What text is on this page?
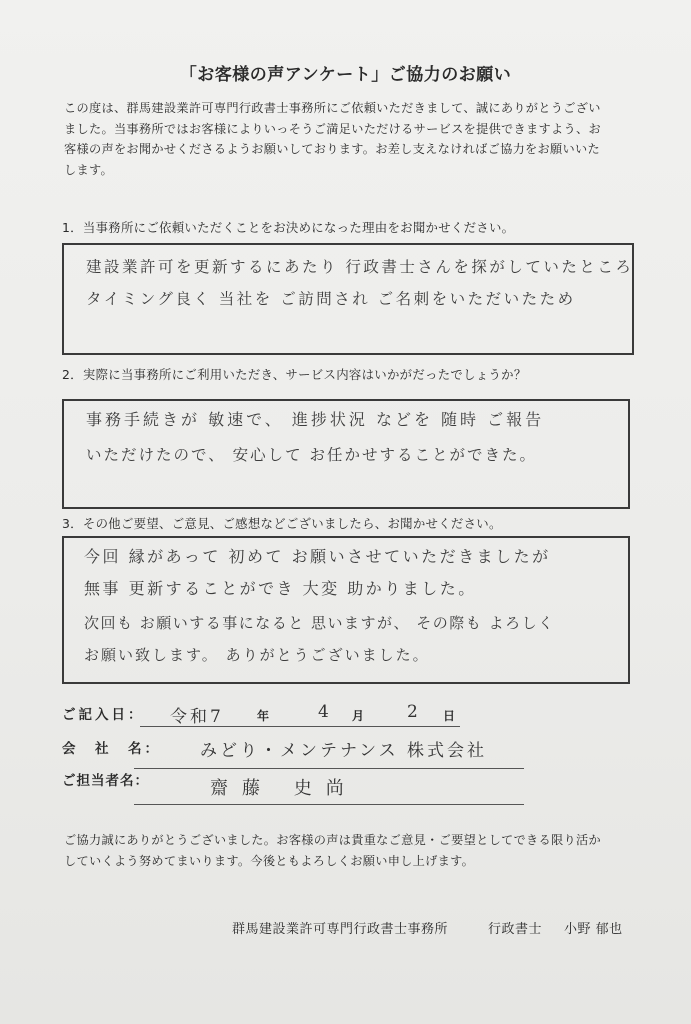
「お客様の声アンケート」ご協力のお願い
この度は、群馬建設業許可専門行政書士事務所にご依頼いただきまして、誠にありがとうござい
ました。当事務所ではお客様によりいっそうご満足いただけるサービスを提供できますよう、お
客様の声をお聞かせくださるようお願いしております。お差し支えなければご協力をお願いいた
します。
1．当事務所にご依頼いただくことをお決めになった理由をお聞かせください。
建設業許可を更新するにあたり 行政書士さんを探がしていたところ
タイミング良く 当社を ご訪問され ご名刺をいただいたため
2．実際に当事務所にご利用いただき、サービス内容はいかがだったでしょうか？
事務手続きが 敏速で、 進捗状況 などを 随時 ご報告
いただけたので、 安心して お任かせすることができた。
3．その他ご要望、ご意見、ご感想などございましたら、お聞かせください。
今回 縁があって 初めて お願いさせていただきましたが
無事 更新することができ 大変 助かりました。
次回も お願いする事になると 思いますが、 その際も よろしく
お願い致します。 ありがとうございました。
ご記入日： 令和7	年	4 月	2 日
会　社　名： みどり・メンテナンス 株式会社
ご担当者名：	齋藤 史尚
ご協力誠にありがとうございました。お客様の声は貴重なご意見・ご要望としてできる限り活か
していくよう努めてまいります。今後ともよろしくお願い申し上げます。
群馬建設業許可専門行政書士事務所	行政書士 小野 郁也
